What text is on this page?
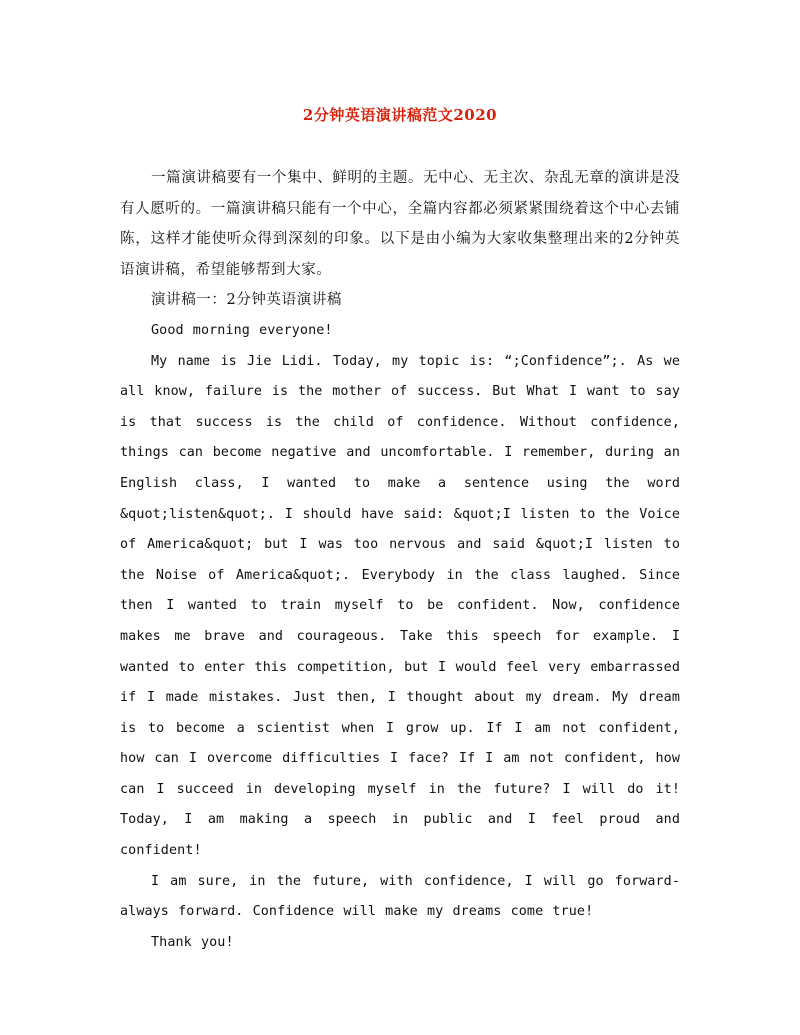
2分钟英语演讲稿范文2020

一篇演讲稿要有一个集中、鲜明的主题。无中心、无主次、杂乱无章的演讲是没有人愿听的。一篇演讲稿只能有一个中心，全篇内容都必须紧紧围绕着这个中心去铺陈，这样才能使听众得到深刻的印象。以下是由小编为大家收集整理出来的2分钟英语演讲稿，希望能够帮到大家。

演讲稿一：2分钟英语演讲稿

Good morning everyone!

My name is Jie Lidi. Today, my topic is: “;Confidence”;. As we all know, failure is the mother of success. But What I want to say is that success is the child of confidence. Without confidence, things can become negative and uncomfortable. I remember, during an English class, I wanted to make a sentence using the word &quot;listen&quot;. I should have said: &quot;I listen to the Voice of America&quot; but I was too nervous and said &quot;I listen to the Noise of America&quot;. Everybody in the class laughed. Since then I wanted to train myself to be confident. Now, confidence makes me brave and courageous. Take this speech for example. I wanted to enter this competition, but I would feel very embarrassed if I made mistakes. Just then, I thought about my dream. My dream is to become a scientist when I grow up. If I am not confident, how can I overcome difficulties I face? If I am not confident, how can I succeed in developing myself in the future? I will do it! Today, I am making a speech in public and I feel proud and confident!

I am sure, in the future, with confidence, I will go forward-always forward. Confidence will make my dreams come true!

Thank you!
